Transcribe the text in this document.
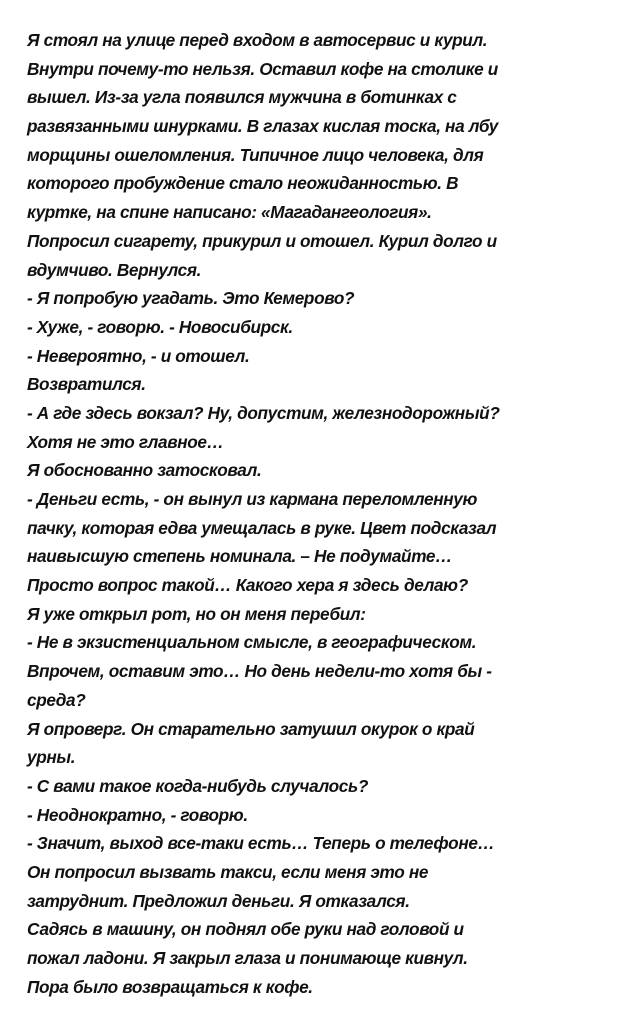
Я стоял на улице перед входом в автосервис и курил.
Внутри почему-то нельзя. Оставил кофе на столике и
вышел. Из-за угла появился мужчина в ботинках с
развязанными шнурками. В глазах кислая тоска, на лбу
морщины ошеломления. Типичное лицо человека, для
которого пробуждение стало неожиданностью. В
куртке, на спине написано: «Магадангеология».
Попросил сигарету, прикурил и отошел. Курил долго и
вдумчиво. Вернулся.
- Я попробую угадать. Это Кемерово?
- Хуже, - говорю. - Новосибирск.
- Невероятно, - и отошел.
Возвратился.
- А где здесь вокзал? Ну, допустим, железнодорожный?
Хотя не это главное…
Я обоснованно затосковал.
- Деньги есть, - он вынул из кармана переломленную
пачку, которая едва умещалась в руке. Цвет подсказал
наивысшую степень номинала. – Не подумайте…
Просто вопрос такой… Какого хера я здесь делаю?
Я уже открыл рот, но он меня перебил:
- Не в экзистенциальном смысле, в географическом.
Впрочем, оставим это… Но день недели-то хотя бы -
среда?
Я опроверг. Он старательно затушил окурок о край
урны.
- С вами такое когда-нибудь случалось?
- Неоднократно, - говорю.
- Значит, выход все-таки есть… Теперь о телефоне…
Он попросил вызвать такси, если меня это не
затруднит. Предложил деньги. Я отказался.
Садясь в машину, он поднял обе руки над головой и
пожал ладони. Я закрыл глаза и понимающе кивнул.
Пора было возвращаться к кофе.
